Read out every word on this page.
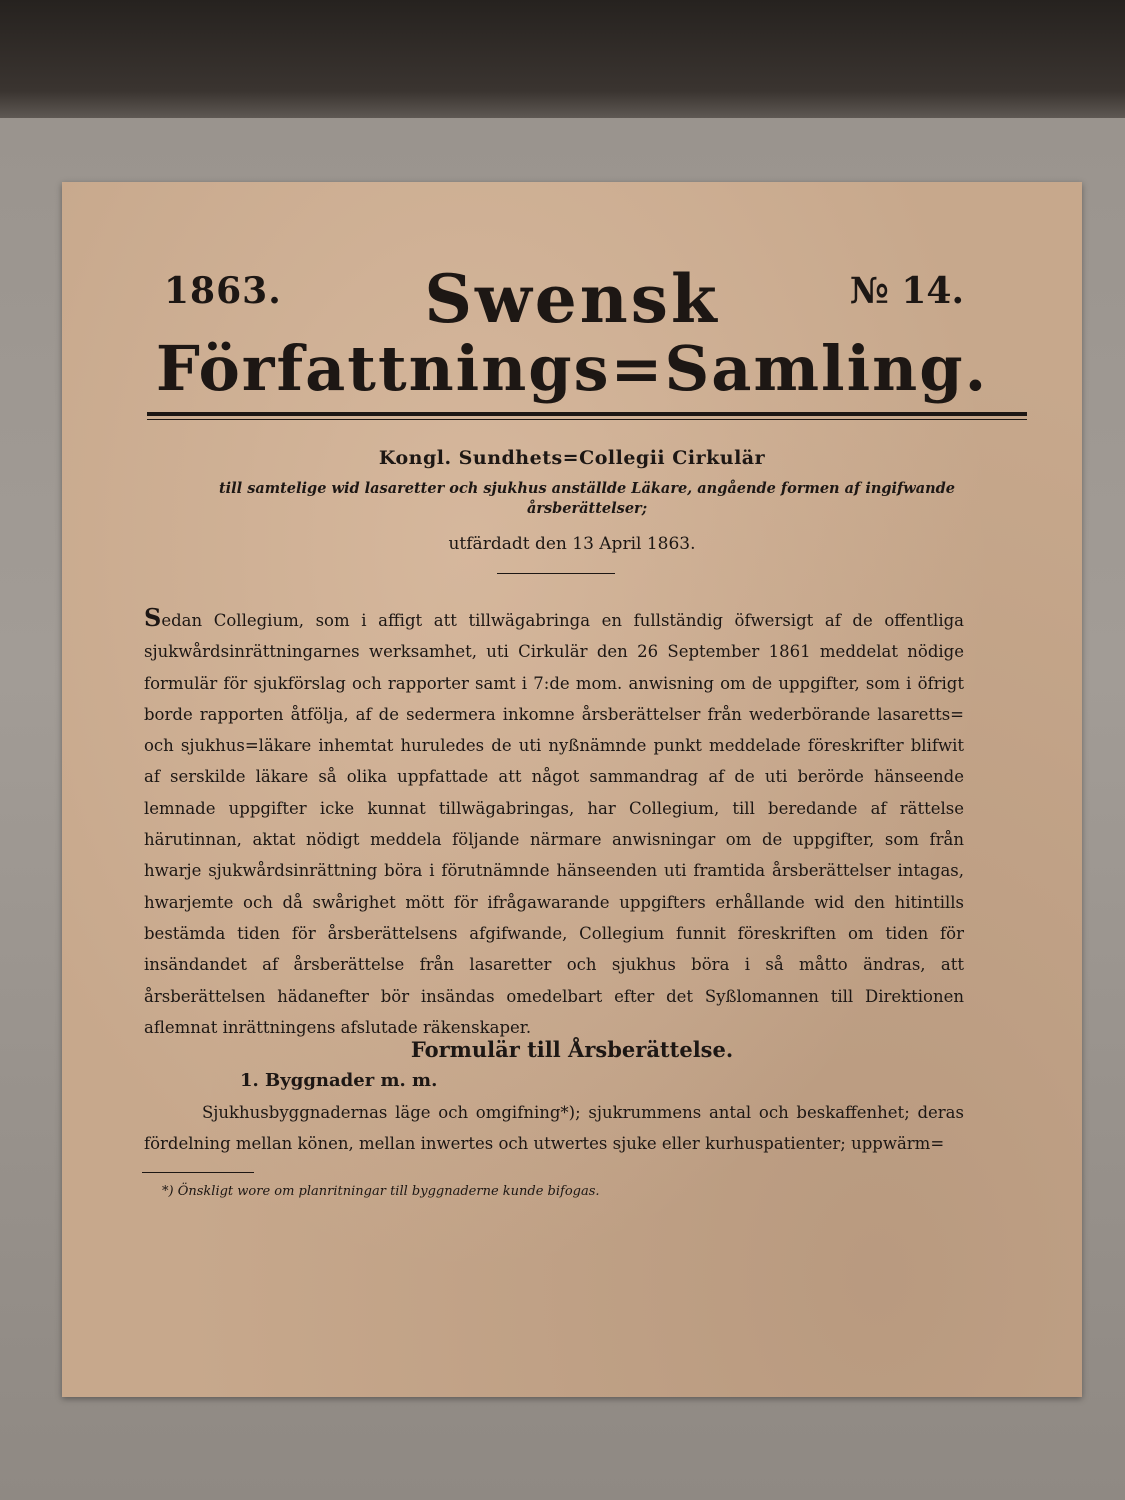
1863.	Swensk	№ 14.
Författnings=Samling.
Kongl. Sundhets=Collegii Cirkulär
till samtelige wid lasaretter och sjukhus anställde Läkare, angående formen af ingifwande årsberättelser;
utfärdadt den 13 April 1863.
Sedan Collegium, som i affigt att tillwägabringa en fullständig öfwersigt af de offentliga sjukwårdsinrättningarnes werksamhet, uti Cirkulär den 26 September 1861 meddelat nödige formulär för sjukförslag och rapporter samt i 7:de mom. anwisning om de uppgifter, som i öfrigt borde rapporten åtfölja, af de sedermera inkomne årsberättelser från wederbörande lasaretts= och sjukhus=läkare inhemtat huruledes de uti nyßnämnde punkt meddelade föreskrifter blifwit af serskilde läkare så olika uppfattade att något sammandrag af de uti berörde hänseende lemnade uppgifter icke kunnat tillwägabringas, har Collegium, till beredande af rättelse härutinnan, aktat nödigt meddela följande närmare anwisningar om de uppgifter, som från hwarje sjukwårdsinrättning böra i förutnämnde hänseenden uti framtida årsberättelser intagas, hwarjemte och då swårighet mött för ifrågawarande uppgifters erhållande wid den hitintills bestämda tiden för årsberättelsens afgifwande, Collegium funnit föreskriften om tiden för insändandet af årsberättelse från lasaretter och sjukhus böra i så måtto ändras, att årsberättelsen hädanefter bör insändas omedelbart efter det Syßlomannen till Direktionen aflemnat inrättningens afslutade räkenskaper.
Formulär till Årsberättelse.
1. Byggnader m. m.
Sjukhusbyggnadernas läge och omgifning*); sjukrummens antal och beskaffenhet; deras fördelning mellan könen, mellan inwertes och utwertes sjuke eller kurhuspatienter; uppwärm=
*) Önskligt wore om planritningar till byggnaderne kunde bifogas.
